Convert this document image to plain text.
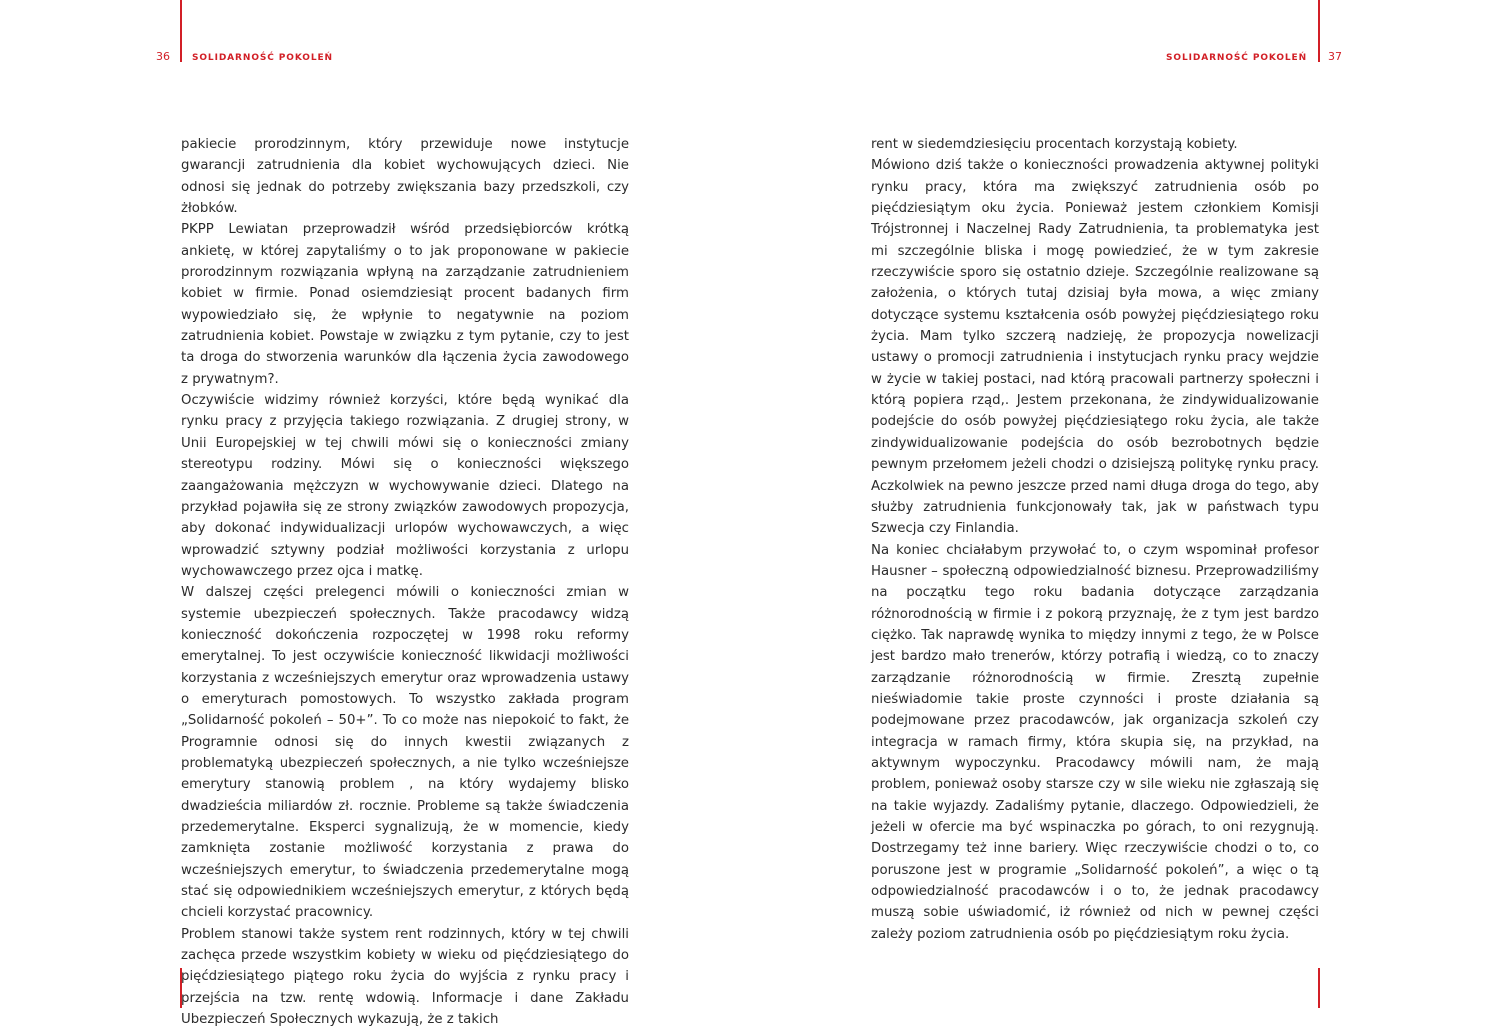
36 SOLIDARNOŚĆ POKOLEŃ	SOLIDARNOŚĆ POKOLEŃ 37

pakiecie prorodzinnym, który przewiduje nowe instytucje gwarancji zatrudnienia dla kobiet wychowujących dzieci. Nie odnosi się jednak do potrzeby zwiększania bazy przedszkoli, czy żłobków.

PKPP Lewiatan przeprowadził wśród przedsiębiorców krótką ankietę, w której zapytaliśmy o to jak proponowane w pakiecie prorodzinnym rozwiązania wpłyną na zarządzanie zatrudnieniem kobiet w firmie. Ponad osiemdziesiąt procent badanych firm wypowiedziało się, że wpłynie to negatywnie na poziom zatrudnienia kobiet. Powstaje w związku z tym pytanie, czy to jest ta droga do stworzenia warunków dla łączenia życia zawodowego z prywatnym?.

Oczywiście widzimy również korzyści, które będą wynikać dla rynku pracy z przyjęcia takiego rozwiązania. Z drugiej strony, w Unii Europejskiej w tej chwili mówi się o konieczności zmiany stereotypu rodziny. Mówi się o konieczności większego zaangażowania mężczyzn w wychowywanie dzieci. Dlatego na przykład pojawiła się ze strony związków zawodowych propozycja, aby dokonać indywidualizacji urlopów wychowawczych, a więc wprowadzić sztywny podział możliwości korzystania z urlopu wychowawczego przez ojca i matkę.

W dalszej części prelegenci mówili o konieczności zmian w systemie ubezpieczeń społecznych. Także pracodawcy widzą konieczność dokończenia rozpoczętej w 1998 roku reformy emerytalnej. To jest oczywiście konieczność likwidacji możliwości korzystania z wcześniejszych emerytur oraz wprowadzenia ustawy o emeryturach pomostowych. To wszystko zakłada program „Solidarność pokoleń – 50+”. To co może nas niepokoić to fakt, że Programnie odnosi się do innych kwestii związanych z problematyką ubezpieczeń społecznych, a nie tylko wcześniejsze emerytury stanowią problem , na który wydajemy blisko dwadzieścia miliardów zł. rocznie. Probleme są także świadczenia przedemerytalne. Eksperci sygnalizują, że w momencie, kiedy zamknięta zostanie możliwość korzystania z prawa do wcześniejszych emerytur, to świadczenia przedemerytalne mogą stać się odpowiednikiem wcześniejszych emerytur, z których będą chcieli korzystać pracownicy.

Problem stanowi także system rent rodzinnych, który w tej chwili zachęca przede wszystkim kobiety w wieku od pięćdziesiątego do pięćdziesiątego piątego roku życia do wyjścia z rynku pracy i przejścia na tzw. rentę wdowią. Informacje i dane Zakładu Ubezpieczeń Społecznych wykazują, że z takich

rent w siedemdziesięciu procentach korzystają kobiety.

Mówiono dziś także o konieczności prowadzenia aktywnej polityki rynku pracy, która ma zwiększyć zatrudnienia osób po pięćdziesiątym oku życia. Ponieważ jestem członkiem Komisji Trójstronnej i Naczelnej Rady Zatrudnienia, ta problematyka jest mi szczególnie bliska i mogę powiedzieć, że w tym zakresie rzeczywiście sporo się ostatnio dzieje. Szczególnie realizowane są założenia, o których tutaj dzisiaj była mowa, a więc zmiany dotyczące systemu kształcenia osób powyżej pięćdziesiątego roku życia. Mam tylko szczerą nadzieję, że propozycja nowelizacji ustawy o promocji zatrudnienia i instytucjach rynku pracy wejdzie w życie w takiej postaci, nad którą pracowali partnerzy społeczni i którą popiera rząd,. Jestem przekonana, że zindywidualizowanie podejście do osób powyżej pięćdziesiątego roku życia, ale także zindywidualizowanie podejścia do osób bezrobotnych będzie pewnym przełomem jeżeli chodzi o dzisiejszą politykę rynku pracy. Aczkolwiek na pewno jeszcze przed nami długa droga do tego, aby służby zatrudnienia funkcjonowały tak, jak w państwach typu Szwecja czy Finlandia.

Na koniec chciałabym przywołać to, o czym wspominał profesor Hausner – społeczną odpowiedzialność biznesu. Przeprowadziliśmy na początku tego roku badania dotyczące zarządzania różnorodnością w firmie i z pokorą przyznaję, że z tym jest bardzo ciężko. Tak naprawdę wynika to między innymi z tego, że w Polsce jest bardzo mało trenerów, którzy potrafią i wiedzą, co to znaczy zarządzanie różnorodnością w firmie. Zresztą zupełnie nieświadomie takie proste czynności i proste działania są podejmowane przez pracodawców, jak organizacja szkoleń czy integracja w ramach firmy, która skupia się, na przykład, na aktywnym wypoczynku. Pracodawcy mówili nam, że mają problem, ponieważ osoby starsze czy w sile wieku nie zgłaszają się na takie wyjazdy. Zadaliśmy pytanie, dlaczego. Odpowiedzieli, że jeżeli w ofercie ma być wspinaczka po górach, to oni rezygnują. Dostrzegamy też inne bariery. Więc rzeczywiście chodzi o to, co poruszone jest w programie „Solidarność pokoleń”, a więc o tą odpowiedzialność pracodawców i o to, że jednak pracodawcy muszą sobie uświadomić, iż również od nich w pewnej części zależy poziom zatrudnienia osób po pięćdziesiątym roku życia.
